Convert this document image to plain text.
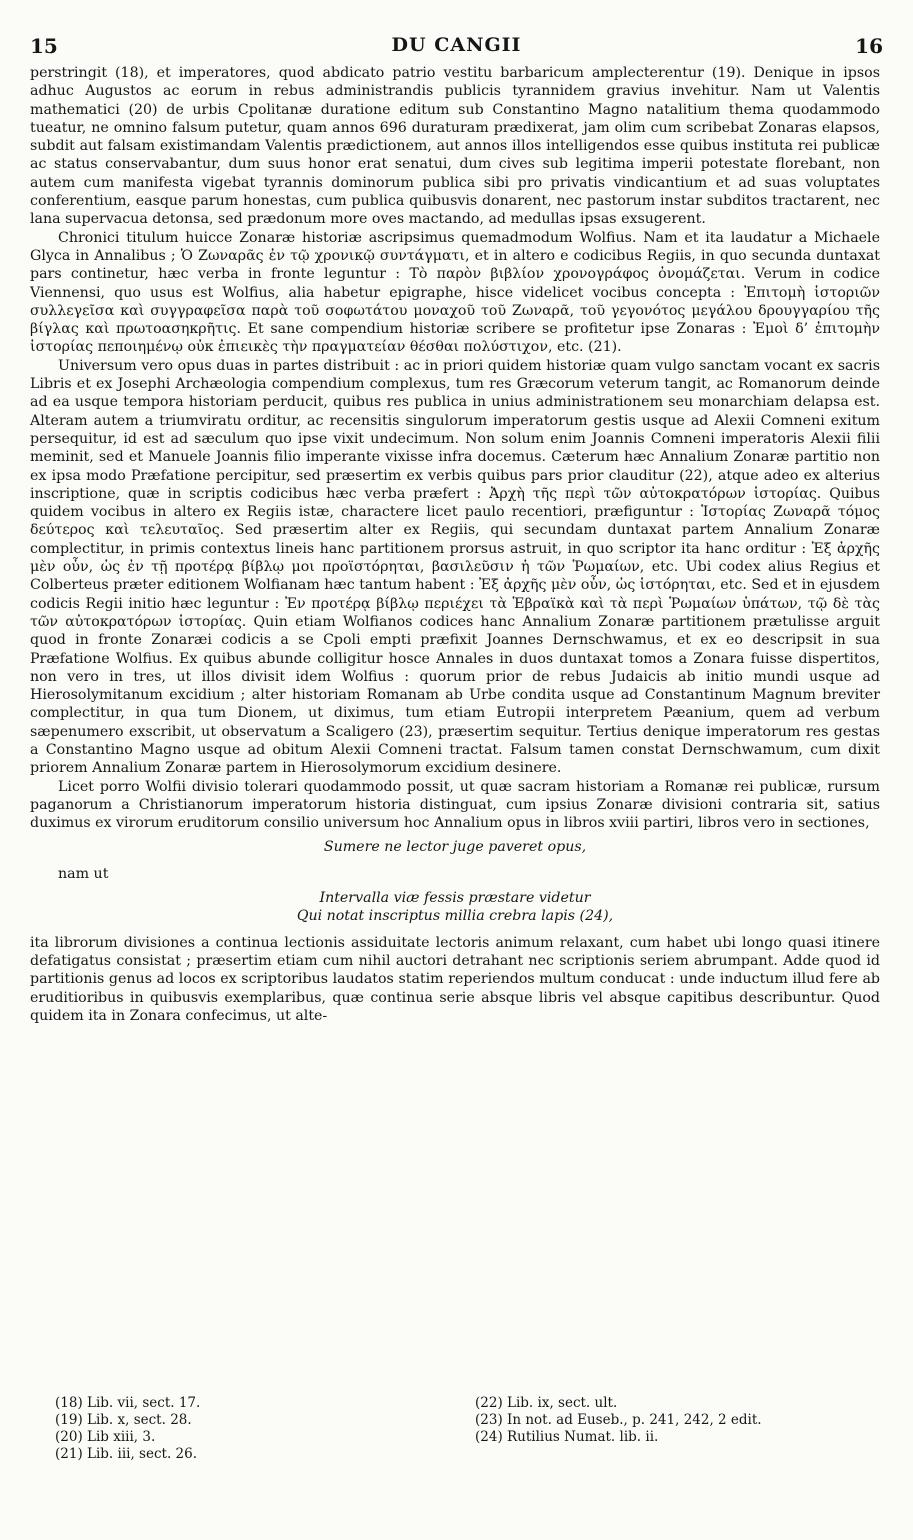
15	DU CANGII	16

perstringit (18), et imperatores, quod abdicato patrio vestitu barbaricum amplecterentur (19). Denique in ipsos adhuc Augustos ac eorum in rebus administrandis publicis tyrannidem gravius invehitur. Nam ut Valentis mathematici (20) de urbis Cpolitanæ duratione editum sub Constantino Magno natalitium thema quodammodo tueatur, ne omnino falsum putetur, quam annos 696 duraturam prædixerat, jam olim cum scribebat Zonaras elapsos, subdit aut falsam existimandam Valentis prædictionem, aut annos illos intelligendos esse quibus instituta rei publicæ ac status conservabantur, dum suus honor erat senatui, dum cives sub legitima imperii potestate florebant, non autem cum manifesta vigebat tyrannis dominorum publica sibi pro privatis vindicantium et ad suas voluptates conferentium, easque parum honestas, cum publica quibusvis donarent, nec pastorum instar subditos tractarent, nec lana supervacua detonsa, sed prædonum more oves mactando, ad medullas ipsas exsugerent.

Chronici titulum huicce Zonaræ historiæ ascripsimus quemadmodum Wolfius. Nam et ita laudatur a Michaele Glyca in Annalibus ; Ὁ Ζωναρᾶς ἐν τῷ χρονικῷ συντάγματι, et in altero e codicibus Regiis, in quo secunda duntaxat pars continetur, hæc verba in fronte leguntur : Τὸ παρὸν βιβλίον χρονογράφος ὀνομάζεται. Verum in codice Viennensi, quo usus est Wolfius, alia habetur epigraphe, hisce videlicet vocibus concepta : Ἐπιτομὴ ἱστοριῶν συλλεγεῖσα καὶ συγγραφεῖσα παρὰ τοῦ σοφωτάτου μοναχοῦ τοῦ Ζωναρᾶ, τοῦ γεγονότος μεγάλου δρουγγαρίου τῆς βίγλας καὶ πρωτοασηκρῆτις. Et sane compendium historiæ scribere se profitetur ipse Zonaras : Ἐμοὶ δ’ ἐπιτομὴν ἱστορίας πεποιημένῳ οὐκ ἐπιεικὲς τὴν πραγματείαν θέσθαι πολύστιχον, etc. (21).

Universum vero opus duas in partes distribuit : ac in priori quidem historiæ quam vulgo sanctam vocant ex sacris Libris et ex Josephi Archæologia compendium complexus, tum res Græcorum veterum tangit, ac Romanorum deinde ad ea usque tempora historiam perducit, quibus res publica in unius administrationem seu monarchiam delapsa est. Alteram autem a triumviratu orditur, ac recensitis singulorum imperatorum gestis usque ad Alexii Comneni exitum persequitur, id est ad sæculum quo ipse vixit undecimum. Non solum enim Joannis Comneni imperatoris Alexii filii meminit, sed et Manuele Joannis filio imperante vixisse infra docemus. Cæterum hæc Annalium Zonaræ partitio non ex ipsa modo Præfatione percipitur, sed præsertim ex verbis quibus pars prior clauditur (22), atque adeo ex alterius inscriptione, quæ in scriptis codicibus hæc verba præfert : Ἀρχὴ τῆς περὶ τῶν αὐτοκρατόρων ἱστορίας. Quibus quidem vocibus in altero ex Regiis istæ, charactere licet paulo recentiori, præfiguntur : Ἱστορίας Ζωναρᾶ τόμος δεύτερος καὶ τελευταῖος. Sed præsertim alter ex Regiis, qui secundam duntaxat partem Annalium Zonaræ complectitur, in primis contextus lineis hanc partitionem prorsus astruit, in quo scriptor ita hanc orditur : Ἐξ ἀρχῆς μὲν οὖν, ὡς ἐν τῇ προτέρᾳ βίβλῳ μοι προϊστόρηται, βασιλεῦσιν ἡ τῶν Ῥωμαίων, etc. Ubi codex alius Regius et Colberteus præter editionem Wolfianam hæc tantum habent : Ἐξ ἀρχῆς μὲν οὖν, ὡς ἱστόρηται, etc. Sed et in ejusdem codicis Regii initio hæc leguntur : Ἐν προτέρᾳ βίβλῳ περιέχει τὰ Ἑβραϊκὰ καὶ τὰ περὶ Ῥωμαίων ὑπάτων, τῷ δὲ τὰς τῶν αὐτοκρατόρων ἱστορίας. Quin etiam Wolfianos codices hanc Annalium Zonaræ partitionem prætulisse arguit quod in fronte Zonaræi codicis a se Cpoli empti præfixit Joannes Dernschwamus, et ex eo descripsit in sua Præfatione Wolfius. Ex quibus abunde colligitur hosce Annales in duos duntaxat tomos a Zonara fuisse dispertitos, non vero in tres, ut illos divisit idem Wolfius : quorum prior de rebus Judaicis ab initio mundi usque ad Hierosolymitanum excidium ; alter historiam Romanam ab Urbe condita usque ad Constantinum Magnum breviter complectitur, in qua tum Dionem, ut diximus, tum etiam Eutropii interpretem Pæanium, quem ad verbum sæpenumero exscribit, ut observatum a Scaligero (23), præsertim sequitur. Tertius denique imperatorum res gestas a Constantino Magno usque ad obitum Alexii Comneni tractat. Falsum tamen constat Dernschwamum, cum dixit priorem Annalium Zonaræ partem in Hierosolymorum excidium desinere.

Licet porro Wolfii divisio tolerari quodammodo possit, ut quæ sacram historiam a Romanæ rei publicæ, rursum paganorum a Christianorum imperatorum historia distinguat, cum ipsius Zonaræ divisioni contraria sit, satius duximus ex virorum eruditorum consilio universum hoc Annalium opus in libros xviii partiri, libros vero in sectiones,

Sumere ne lector juge paveret opus,

nam ut

Intervalla viæ fessis præstare videtur
Qui notat inscriptus millia crebra lapis (24),

ita librorum divisiones a continua lectionis assiduitate lectoris animum relaxant, cum habet ubi longo quasi itinere defatigatus consistat ; præsertim etiam cum nihil auctori detrahant nec scriptionis seriem abrumpant. Adde quod id partitionis genus ad locos ex scriptoribus laudatos statim reperiendos multum conducat : unde inductum illud fere ab eruditioribus in quibusvis exemplaribus, quæ continua serie absque libris vel absque capitibus describuntur. Quod quidem ita in Zonara confecimus, ut alte-

(18) Lib. vii, sect. 17.
(19) Lib. x, sect. 28.
(20) Lib xiii, 3.
(21) Lib. iii, sect. 26.
(22) Lib. ix, sect. ult.
(23) In not. ad Euseb., p. 241, 242, 2 edit.
(24) Rutilius Numat. lib. ii.
